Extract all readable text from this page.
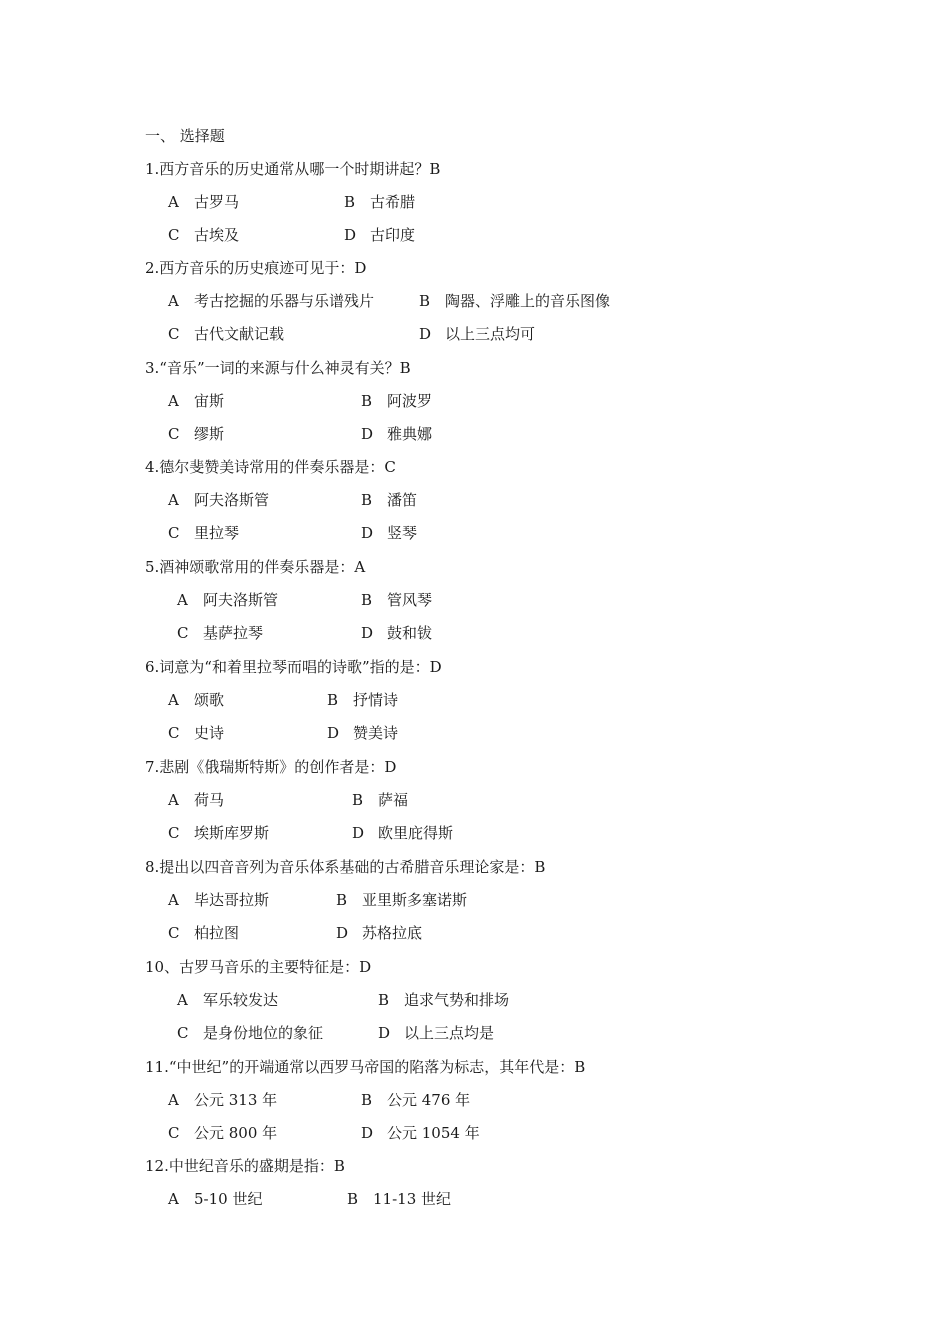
一、 选择题
1.西方音乐的历史通常从哪一个时期讲起？B
A 古罗马	B 古希腊
C 古埃及	D 古印度
2.西方音乐的历史痕迹可见于：D
A 考古挖掘的乐器与乐谱残片	B 陶器、浮雕上的音乐图像
C 古代文献记载	D 以上三点均可
3.“音乐”一词的来源与什么神灵有关？B
A 宙斯	B 阿波罗
C 缪斯	D 雅典娜
4.德尔斐赞美诗常用的伴奏乐器是：C
A 阿夫洛斯管	B 潘笛
C 里拉琴	D 竖琴
5.酒神颂歌常用的伴奏乐器是：A
A 阿夫洛斯管	B 管风琴
C 基萨拉琴	D 鼓和钹
6.词意为“和着里拉琴而唱的诗歌”指的是：D
A 颂歌	B 抒情诗
C 史诗	D 赞美诗
7.悲剧《俄瑞斯特斯》的创作者是：D
A 荷马	B 萨福
C 埃斯库罗斯	D 欧里庇得斯
8.提出以四音音列为音乐体系基础的古希腊音乐理论家是：B
A 毕达哥拉斯	B 亚里斯多塞诺斯
C 柏拉图	D 苏格拉底
10、古罗马音乐的主要特征是：D
A 军乐较发达	B 追求气势和排场
C 是身份地位的象征	D 以上三点均是
11.“中世纪”的开端通常以西罗马帝国的陷落为标志，其年代是：B
A 公元 313 年	B 公元 476 年
C 公元 800 年	D 公元 1054 年
12.中世纪音乐的盛期是指：B
A 5-10 世纪	B 11-13 世纪
